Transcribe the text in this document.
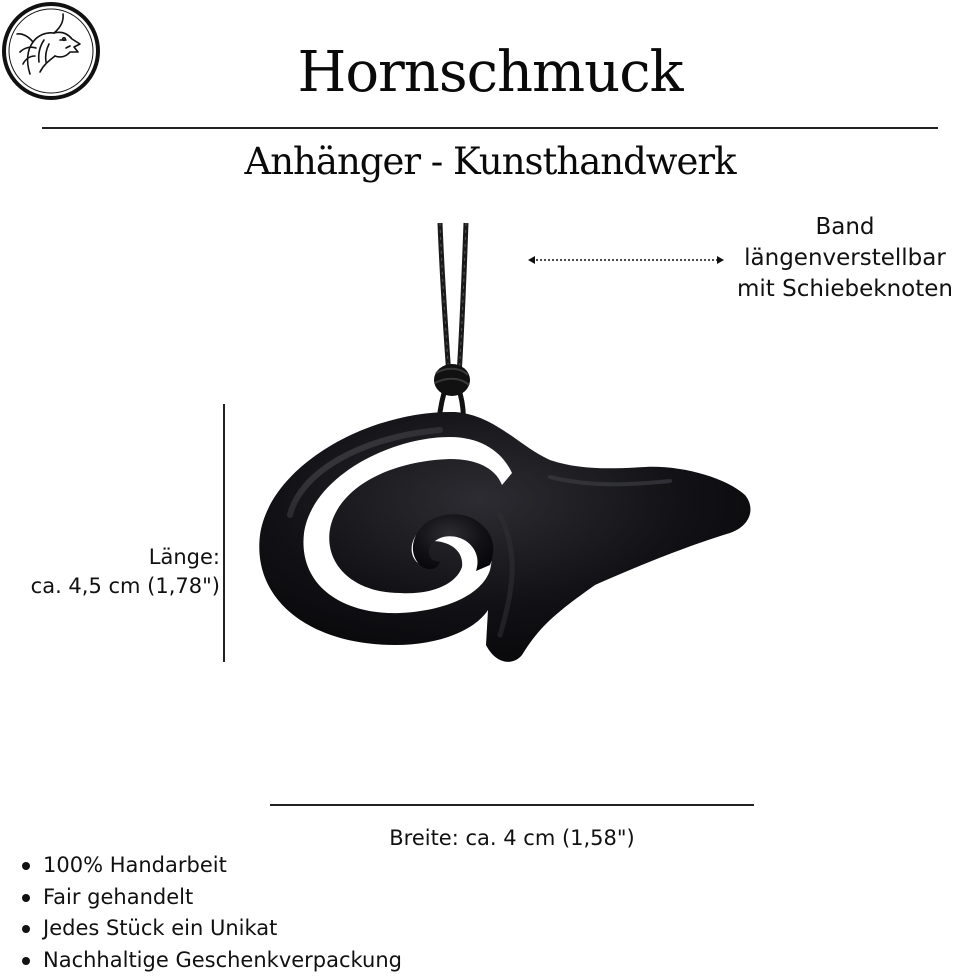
Hornschmuck
Anhänger - Kunsthandwerk
Band
längenverstellbar
mit Schiebeknoten
Länge:
ca. 4,5 cm (1,78")
Breite: ca. 4 cm (1,58")
100% Handarbeit
Fair gehandelt
Jedes Stück ein Unikat
Nachhaltige Geschenkverpackung
